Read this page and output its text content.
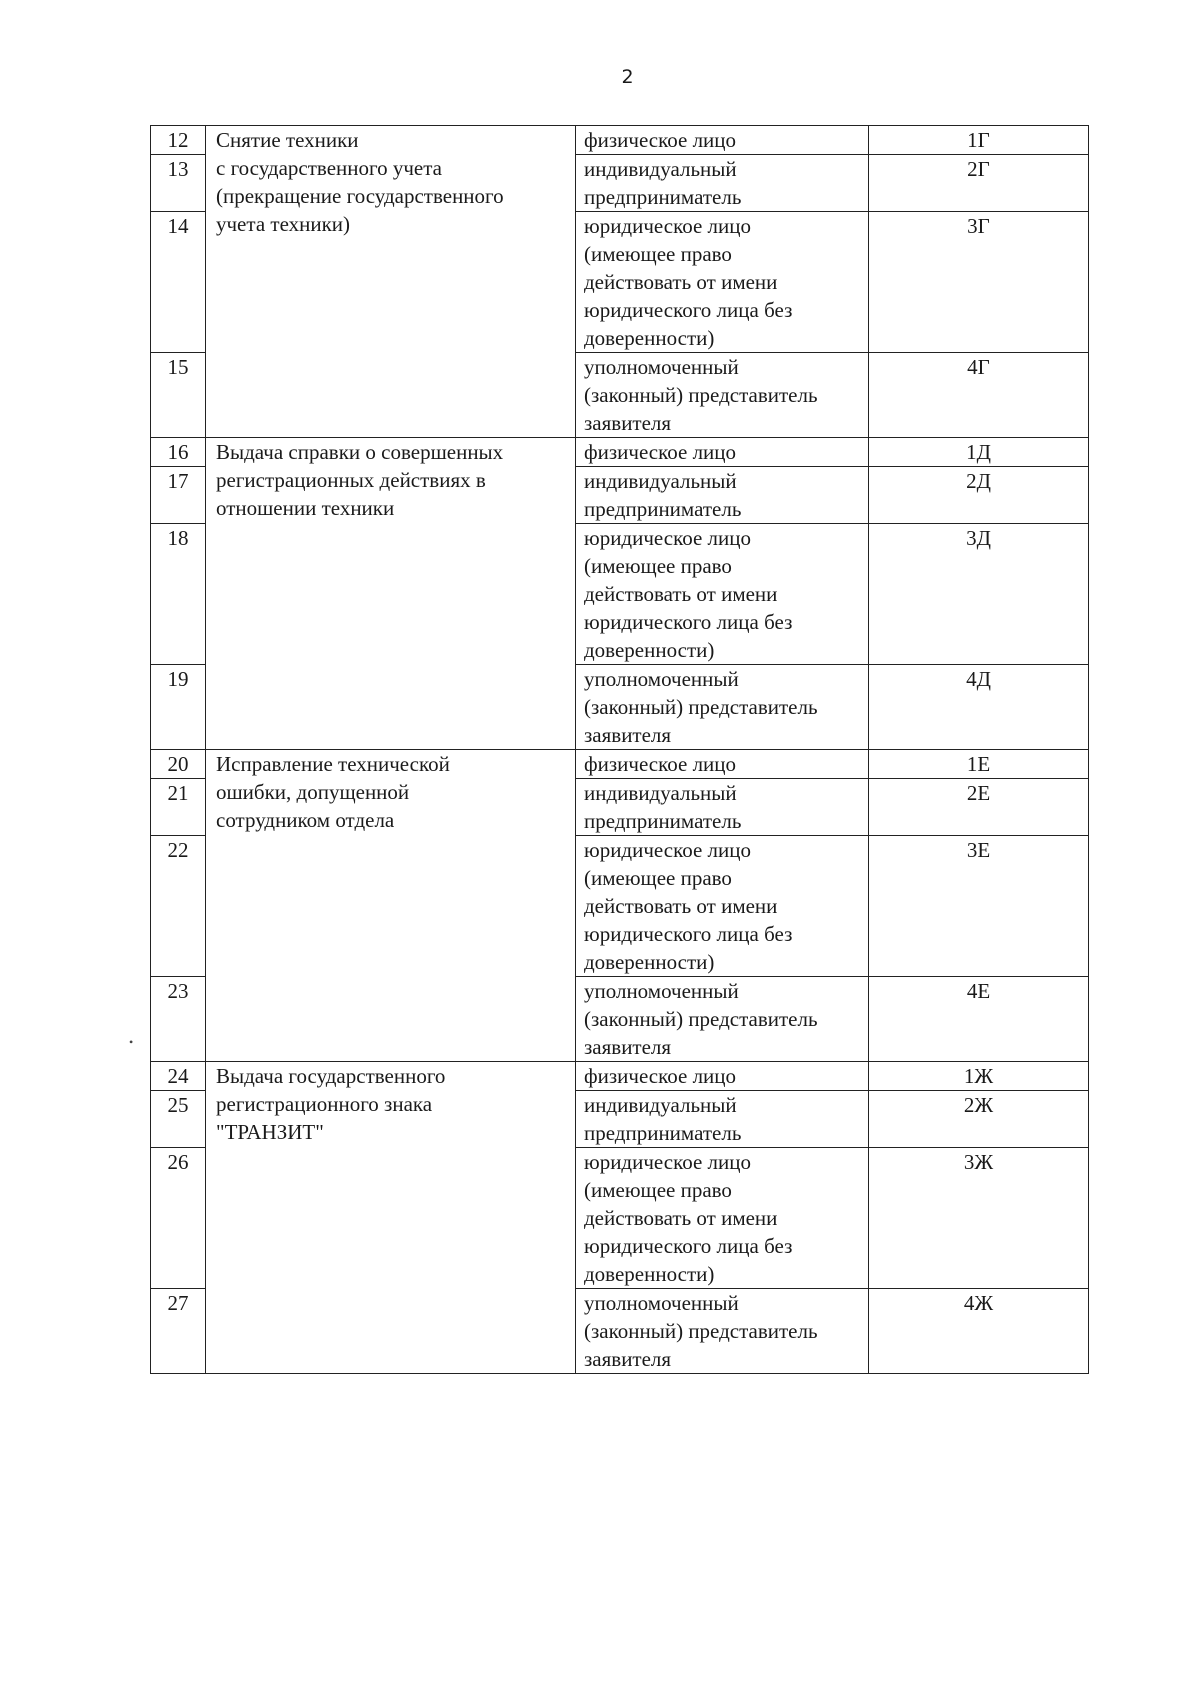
2
•
12	Снятие техники
с государственного учета
(прекращение государственного
учета техники)	физическое лицо	1Г
13		индивидуальный
предприниматель	2Г
14		юридическое лицо
(имеющее право
действовать от имени
юридического лица без
доверенности)	3Г
15		уполномоченный
(законный) представитель
заявителя	4Г
16	Выдача справки о совершенных
регистрационных действиях в
отношении техники	физическое лицо	1Д
17		индивидуальный
предприниматель	2Д
18		юридическое лицо
(имеющее право
действовать от имени
юридического лица без
доверенности)	3Д
19		уполномоченный
(законный) представитель
заявителя	4Д
20	Исправление технической
ошибки, допущенной
сотрудником отдела	физическое лицо	1Е
21		индивидуальный
предприниматель	2Е
22		юридическое лицо
(имеющее право
действовать от имени
юридического лица без
доверенности)	3Е
23		уполномоченный
(законный) представитель
заявителя	4Е
24	Выдача государственного
регистрационного знака
"ТРАНЗИТ"	физическое лицо	1Ж
25		индивидуальный
предприниматель	2Ж
26		юридическое лицо
(имеющее право
действовать от имени
юридического лица без
доверенности)	3Ж
27		уполномоченный
(законный) представитель
заявителя	4Ж
